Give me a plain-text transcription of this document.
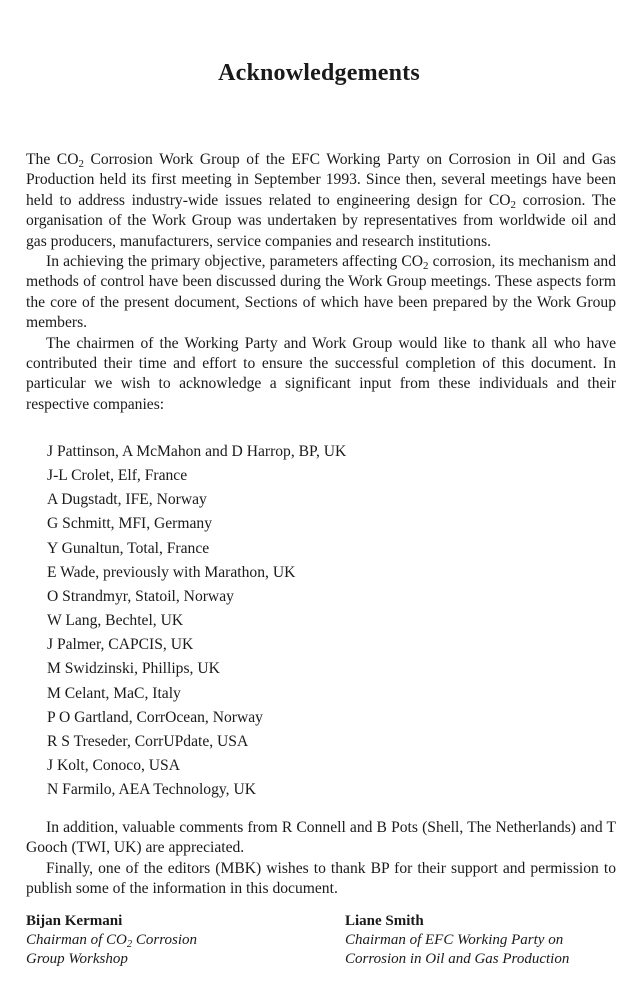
Acknowledgements

The $CO_2$ Corrosion Work Group of the EFC Working Party on Corrosion in Oil and Gas Production held its first meeting in September 1993. Since then, several meetings have been held to address industry-wide issues related to engineering design for $CO_2$ corrosion. The organisation of the Work Group was undertaken by representatives from worldwide oil and gas producers, manufacturers, service companies and research institutions.

In achieving the primary objective, parameters affecting $CO_2$ corrosion, its mechanism and methods of control have been discussed during the Work Group meetings. These aspects form the core of the present document, Sections of which have been prepared by the Work Group members.

The chairmen of the Working Party and Work Group would like to thank all who have contributed their time and effort to ensure the successful completion of this document. In particular we wish to acknowledge a significant input from these individuals and their respective companies:

J Pattinson, A McMahon and D Harrop, BP, UK
J-L Crolet, Elf, France
A Dugstadt, IFE, Norway
G Schmitt, MFI, Germany
Y Gunaltun, Total, France
E Wade, previously with Marathon, UK
O Strandmyr, Statoil, Norway
W Lang, Bechtel, UK
J Palmer, CAPCIS, UK
M Swidzinski, Phillips, UK
M Celant, MaC, Italy
P O Gartland, CorrOcean, Norway
R S Treseder, CorrUPdate, USA
J Kolt, Conoco, USA
N Farmilo, AEA Technology, UK

In addition, valuable comments from R Connell and B Pots (Shell, The Netherlands) and T Gooch (TWI, UK) are appreciated.

Finally, one of the editors (MBK) wishes to thank BP for their support and permission to publish some of the information in this document.

Bijan Kermani
Chairman of $CO_2$ Corrosion
Group Workshop
Liane Smith
Chairman of EFC Working Party on
Corrosion in Oil and Gas Production
